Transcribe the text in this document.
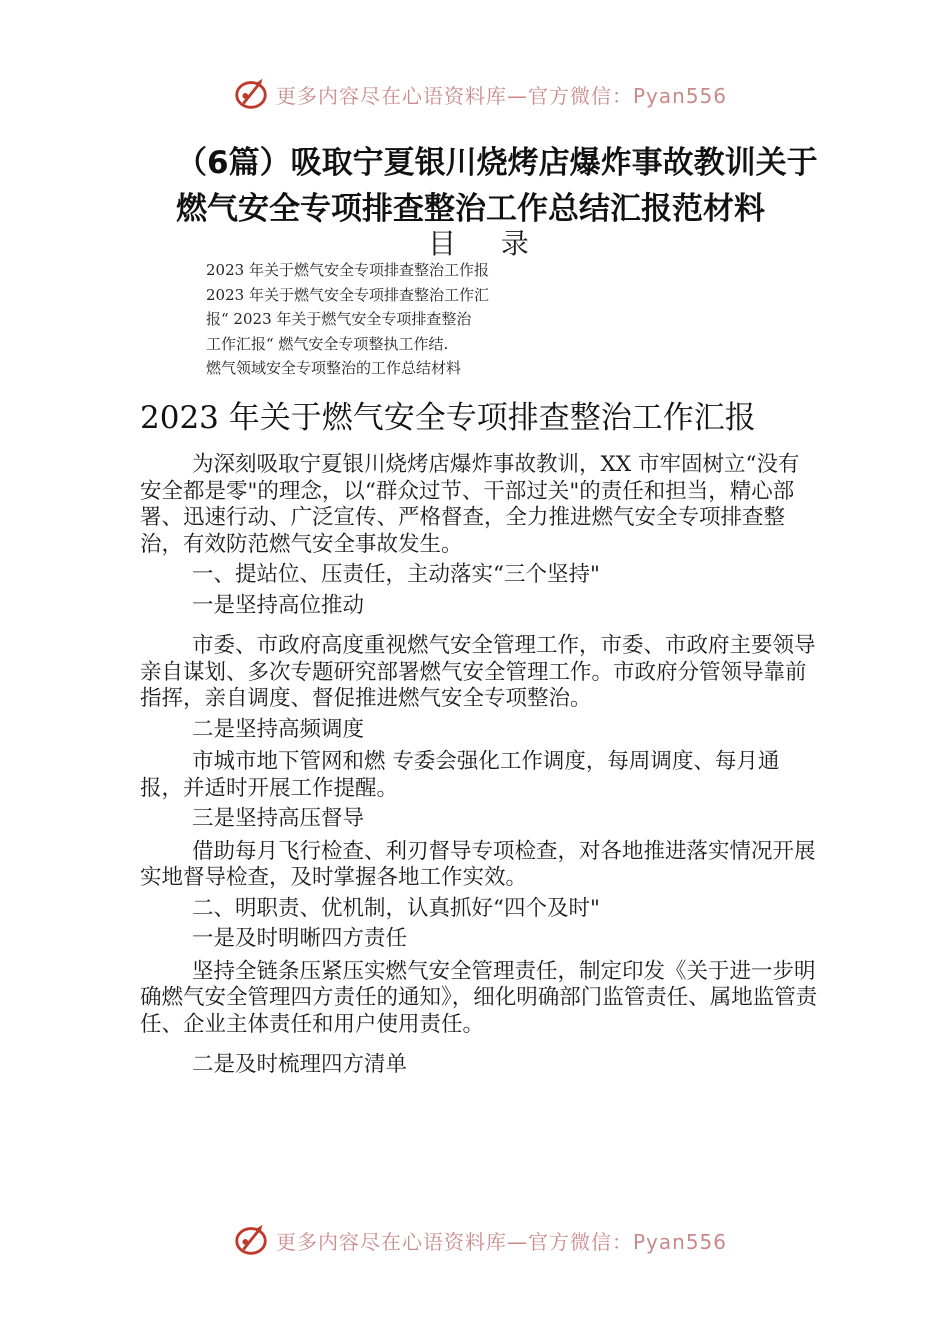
更多内容尽在心语资料库—官方微信：Pyan556
（6篇）吸取宁夏银川烧烤店爆炸事故教训关于
燃气安全专项排查整治工作总结汇报范材料
目 录
2023 年关于燃气安全专项排查整治工作报
2023 年关于燃气安全专项排查整治工作汇
报“ 2023 年关于燃气安全专项排查整治
工作汇报“ 燃气安全专项整执工作结.
燃气领域安全专项整治的工作总结材料
2023 年关于燃气安全专项排查整治工作汇报

为深刻吸取宁夏银川烧烤店爆炸事故教训，XX 市牢固树立“没有安全都是零"的理念，以“群众过节、干部过关"的责任和担当，精心部署、迅速行动、广泛宣传、严格督查，全力推进燃气安全专项排查整治，有效防范燃气安全事故发生。

一、提站位、压责任，主动落实“三个坚持"

一是坚持高位推动

市委、市政府高度重视燃气安全管理工作，市委、市政府主要领导亲自谋划、多次专题研究部署燃气安全管理工作。市政府分管领导靠前指挥，亲自调度、督促推进燃气安全专项整治。

二是坚持高频调度

市城市地下管网和燃 专委会强化工作调度，每周调度、每月通报，并适时开展工作提醒。

三是坚持高压督导

借助每月飞行检查、利刃督导专项检查，对各地推进落实情况开展实地督导检查，及时掌握各地工作实效。

二、明职责、优机制，认真抓好“四个及时"

一是及时明晰四方责任

坚持全链条压紧压实燃气安全管理责任，制定印发《关于进一步明确燃气安全管理四方责任的通知》，细化明确部门监管责任、属地监管责任、企业主体责任和用户使用责任。

二是及时梳理四方清单

更多内容尽在心语资料库—官方微信：Pyan556
